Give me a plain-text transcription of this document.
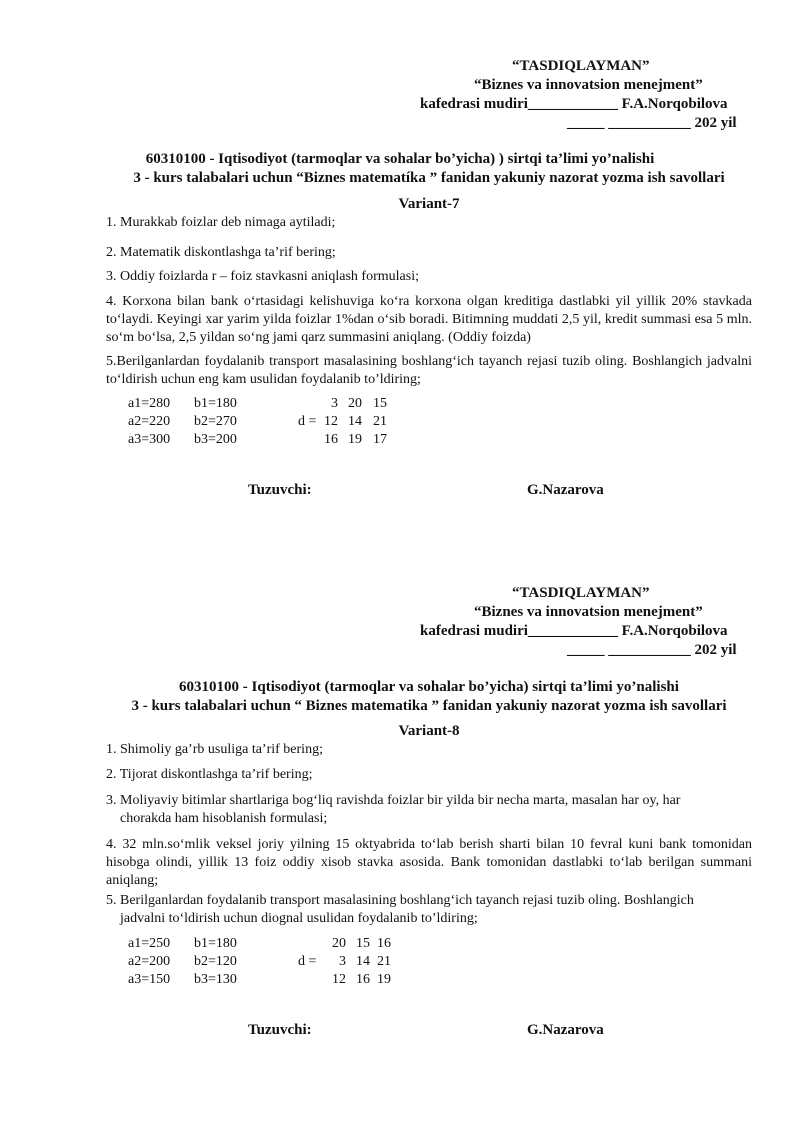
“TASDIQLAYMAN”
“Biznes va innovatsion menejment”
kafedrasi mudiri____________ F.A.Norqobilova
_____ ___________ 202 yil
60310100 - Iqtisodiyot (tarmoqlar va sohalar bo’yicha) ) sirtqi ta’limi yo’nalishi
3 - kurs talabalari uchun “Biznes matematíka ” fanidan yakuniy nazorat yozma ish savollari
Variant-7
1. Murakkab foizlar deb nimaga aytiladi;
2. Matematik diskontlashga ta’rif bering;
3. Oddiy foizlarda r – foiz stavkasni aniqlash formulasi;
4. Korxona bilan bank oʻrtasidagi kelishuviga koʻra korxona olgan kreditiga dastlabki yil yillik 20% stavkada toʻlaydi. Keyingi xar yarim yilda foizlar 1%dan oʻsib boradi. Bitimning muddati 2,5 yil, kredit summasi esa 5 mln. soʻm boʻlsa, 2,5 yildan soʻng jami qarz summasini aniqlang. (Oddiy foizda)
5.Berilganlardan foydalanib transport masalasining boshlangʻich tayanch rejasi tuzib oling. Boshlangich jadvalni toʻldirish uchun eng kam usulidan foydalanib to’ldiring;
a1=280
a2=220
a3=300
b1=180
b2=270
b3=200
d =
3 20 15
12 14 21
16 19 17
Tuzuvchi:	G.Nazarova
“TASDIQLAYMAN”
“Biznes va innovatsion menejment”
kafedrasi mudiri____________ F.A.Norqobilova
_____ ___________ 202 yil
60310100 - Iqtisodiyot (tarmoqlar va sohalar bo’yicha) sirtqi ta’limi yo’nalishi
3 - kurs talabalari uchun “ Biznes matematika ” fanidan yakuniy nazorat yozma ish savollari
Variant-8
1. Shimoliy ga’rb usuliga ta’rif bering;
2. Tijorat diskontlashga ta’rif bering;
3. Moliyaviy bitimlar shartlariga bogʻliq ravishda foizlar bir yilda bir necha marta, masalan har oy, har
chorakda ham hisoblanish formulasi;
4. 32 mln.soʻmlik veksel joriy yilning 15 oktyabrida toʻlab berish sharti bilan 10 fevral kuni bank tomonidan hisobga olindi, yillik 13 foiz oddiy xisob stavka asosida. Bank tomonidan dastlabki toʻlab berilgan summani aniqlang;
5. Berilganlardan foydalanib transport masalasining boshlangʻich tayanch rejasi tuzib oling. Boshlangich
jadvalni toʻldirish uchun diognal usulidan foydalanib to’ldiring;
a1=250
a2=200
a3=150
b1=180
b2=120
b3=130
d =
20 15 16
3 14 21
12 16 19
Tuzuvchi:	G.Nazarova
